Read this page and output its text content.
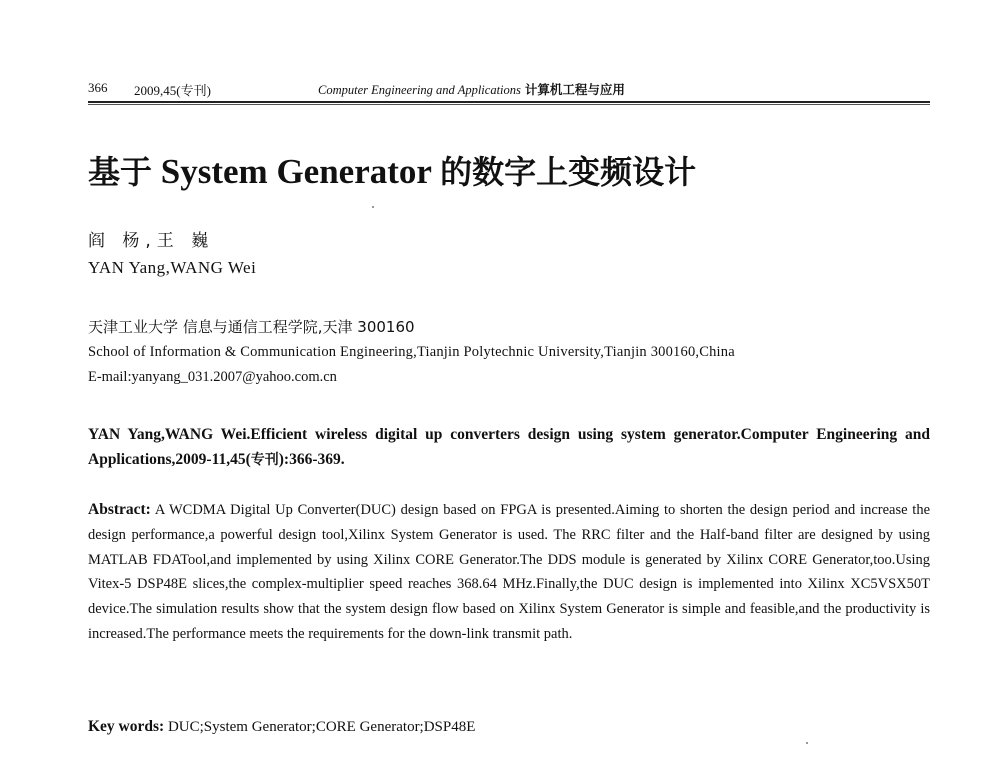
366 2009,45(专刊)	Computer Engineering and Applications 计算机工程与应用
基于 System Generator 的数字上变频设计
阎 杨,王 巍
YAN Yang,WANG Wei
天津工业大学 信息与通信工程学院,天津 300160
School of Information & Communication Engineering,Tianjin Polytechnic University,Tianjin 300160,China
E-mail:yanyang_031.2007@yahoo.com.cn
YAN Yang,WANG Wei.Efficient wireless digital up converters design using system generator.Computer Engineering and Applications,2009-11,45(专刊):366-369.
Abstract: A WCDMA Digital Up Converter(DUC) design based on FPGA is presented.Aiming to shorten the design period and increase the design performance,a powerful design tool,Xilinx System Generator is used. The RRC filter and the Half-band filter are designed by using MATLAB FDATool,and implemented by using Xilinx CORE Generator.The DDS module is generated by Xilinx CORE Generator,too.Using Vitex-5 DSP48E slices,the complex-multiplier speed reaches 368.64 MHz.Finally,the DUC design is implemented into Xilinx XC5VSX50T device.The simulation results show that the system design flow based on Xilinx System Generator is simple and feasible,and the productivity is increased.The performance meets the requirements for the down-link transmit path.
Key words: DUC;System Generator;CORE Generator;DSP48E
